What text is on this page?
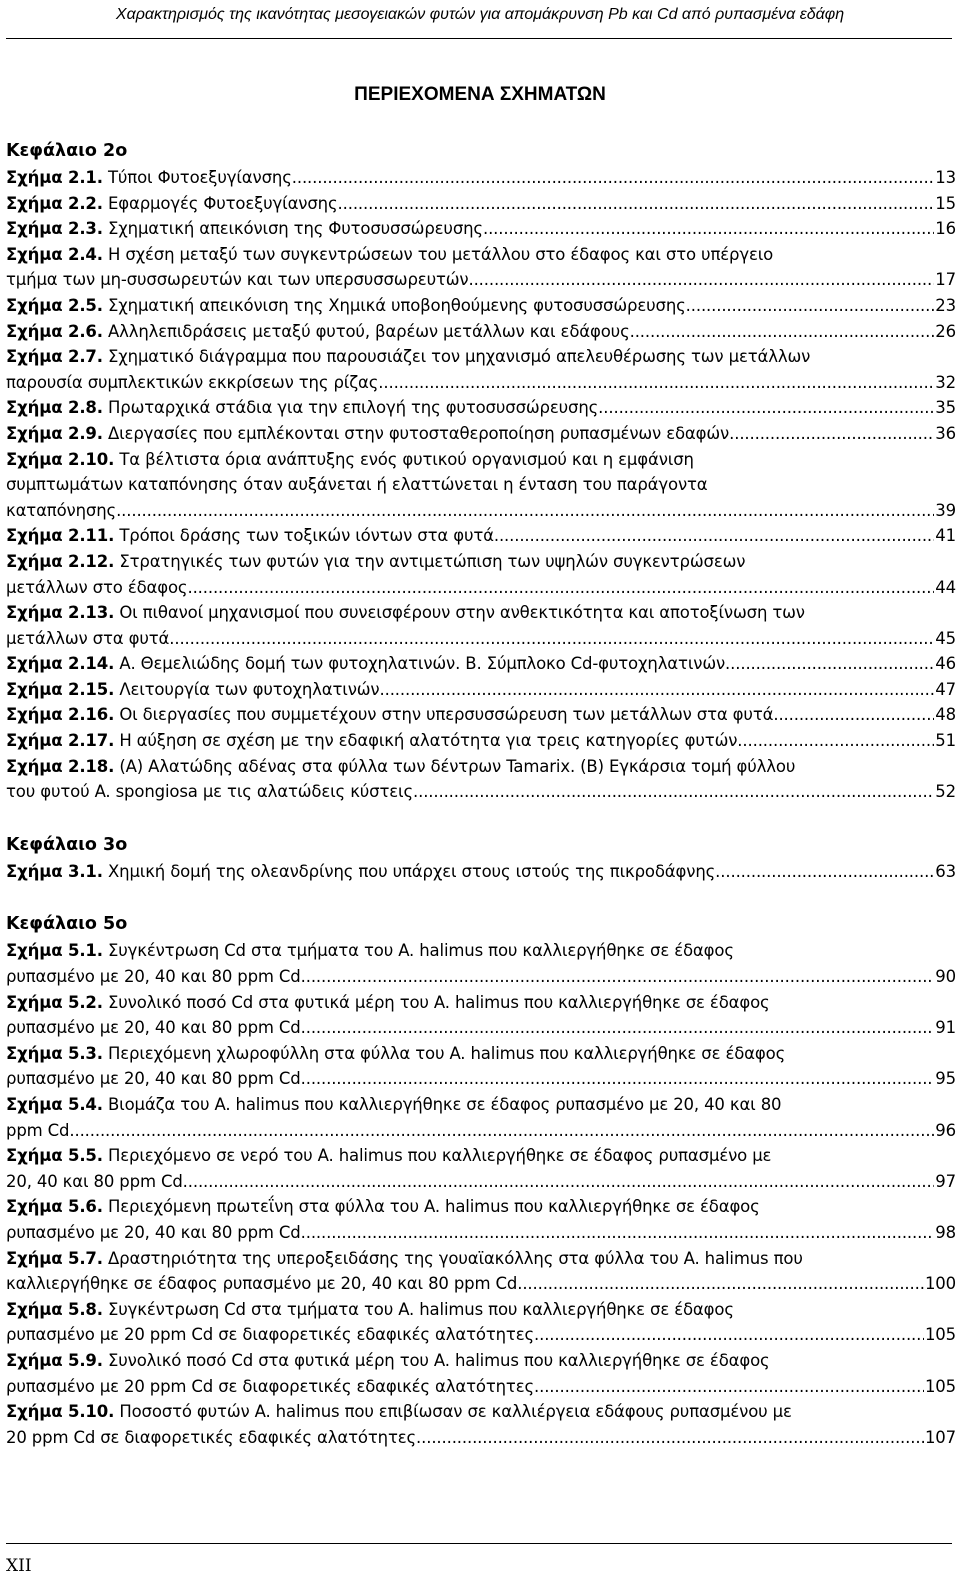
Χαρακτηρισμός της ικανότητας μεσογειακών φυτών για απομάκρυνση Pb και Cd από ρυπασμένα εδάφη
ΠΕΡΙΕΧΟΜΕΝΑ ΣΧΗΜΑΤΩΝ
Κεφάλαιο 2ο
Σχήμα 2.1. Τύποι Φυτοεξυγίανσης. .....	13
Σχήμα 2.2. Εφαρμογές Φυτοεξυγίανσης. .....	15
Σχήμα 2.3. Σχηματική απεικόνιση της Φυτοσυσσώρευσης. .....	16
Σχήμα 2.4. Η σχέση μεταξύ των συγκεντρώσεων του μετάλλου στο έδαφος και στο υπέργειο
τμήμα των μη-συσσωρευτών και των υπερσυσσωρευτών. .....	17
Σχήμα 2.5. Σχηματική απεικόνιση της Χημικά υποβοηθούμενης φυτοσυσσώρευσης. .....	23
Σχήμα 2.6. Αλληλεπιδράσεις μεταξύ φυτού, βαρέων μετάλλων και εδάφους. .....	26
Σχήμα 2.7. Σχηματικό διάγραμμα που παρουσιάζει τον μηχανισμό απελευθέρωσης των μετάλλων
παρουσία συμπλεκτικών εκκρίσεων της ρίζας. .....	32
Σχήμα 2.8. Πρωταρχικά στάδια για την επιλογή της φυτοσυσσώρευσης. .....	35
Σχήμα 2.9. Διεργασίες που εμπλέκονται στην φυτοσταθεροποίηση ρυπασμένων εδαφών. .....	36
Σχήμα 2.10. Τα βέλτιστα όρια ανάπτυξης ενός φυτικού οργανισμού και η εμφάνιση
συμπτωμάτων καταπόνησης όταν αυξάνεται ή ελαττώνεται η ένταση του παράγοντα
καταπόνησης. .....	39
Σχήμα 2.11. Τρόποι δράσης των τοξικών ιόντων στα φυτά. .....	41
Σχήμα 2.12. Στρατηγικές των φυτών για την αντιμετώπιση των υψηλών συγκεντρώσεων
μετάλλων στο έδαφος. .....	44
Σχήμα 2.13. Οι πιθανοί μηχανισμοί που συνεισφέρουν στην ανθεκτικότητα και αποτοξίνωση των
μετάλλων στα φυτά. .....	45
Σχήμα 2.14. Α. Θεμελιώδης δομή των φυτοχηλατινών. Β. Σύμπλοκο Cd-φυτοχηλατινών. .....	46
Σχήμα 2.15. Λειτουργία των φυτοχηλατινών .....	47
Σχήμα 2.16. Οι διεργασίες που συμμετέχουν στην υπερσυσσώρευση των μετάλλων στα φυτά. .....	48
Σχήμα 2.17. Η αύξηση σε σχέση με την εδαφική αλατότητα για τρεις κατηγορίες φυτών. .....	51
Σχήμα 2.18. (Α) Αλατώδης αδένας στα φύλλα των δέντρων Tamarix. (Β) Εγκάρσια τομή φύλλου
του φυτού A. spongiosa με τις αλατώδεις κύστεις. .....	52
Κεφάλαιο 3ο
Σχήμα 3.1. Χημική δομή της ολεανδρίνης που υπάρχει στους ιστούς της πικροδάφνης. .....	63
Κεφάλαιο 5ο
Σχήμα 5.1. Συγκέντρωση Cd στα τμήματα του A. halimus που καλλιεργήθηκε σε έδαφος
ρυπασμένο με 20, 40 και 80 ppm Cd. .....	90
Σχήμα 5.2. Συνολικό ποσό Cd στα φυτικά μέρη του A. halimus που καλλιεργήθηκε σε έδαφος
ρυπασμένο με 20, 40 και 80 ppm Cd. .....	91
Σχήμα 5.3. Περιεχόμενη χλωροφύλλη στα φύλλα του A. halimus που καλλιεργήθηκε σε έδαφος
ρυπασμένο με 20, 40 και 80 ppm Cd. .....	95
Σχήμα 5.4. Βιομάζα του A. halimus που καλλιεργήθηκε σε έδαφος ρυπασμένο με 20, 40 και 80
ppm Cd. .....	96
Σχήμα 5.5. Περιεχόμενο σε νερό του A. halimus που καλλιεργήθηκε σε έδαφος ρυπασμένο με
20, 40 και 80 ppm Cd. .....	97
Σχήμα 5.6. Περιεχόμενη πρωτεΐνη στα φύλλα του A. halimus που καλλιεργήθηκε σε έδαφος
ρυπασμένο με 20, 40 και 80 ppm Cd. .....	98
Σχήμα 5.7. Δραστηριότητα της υπεροξειδάσης της γουαϊακόλλης στα φύλλα του A. halimus που
καλλιεργήθηκε σε έδαφος ρυπασμένο με 20, 40 και 80 ppm Cd. .....	100
Σχήμα 5.8. Συγκέντρωση Cd στα τμήματα του A. halimus που καλλιεργήθηκε σε έδαφος
ρυπασμένο με 20 ppm Cd σε διαφορετικές εδαφικές αλατότητες. .....	105
Σχήμα 5.9. Συνολικό ποσό Cd στα φυτικά μέρη του A. halimus που καλλιεργήθηκε σε έδαφος
ρυπασμένο με 20 ppm Cd σε διαφορετικές εδαφικές αλατότητες. .....	105
Σχήμα 5.10. Ποσοστό φυτών A. halimus που επιβίωσαν σε καλλιέργεια εδάφους ρυπασμένου με
20 ppm Cd σε διαφορετικές εδαφικές αλατότητες. .....	107
XII
